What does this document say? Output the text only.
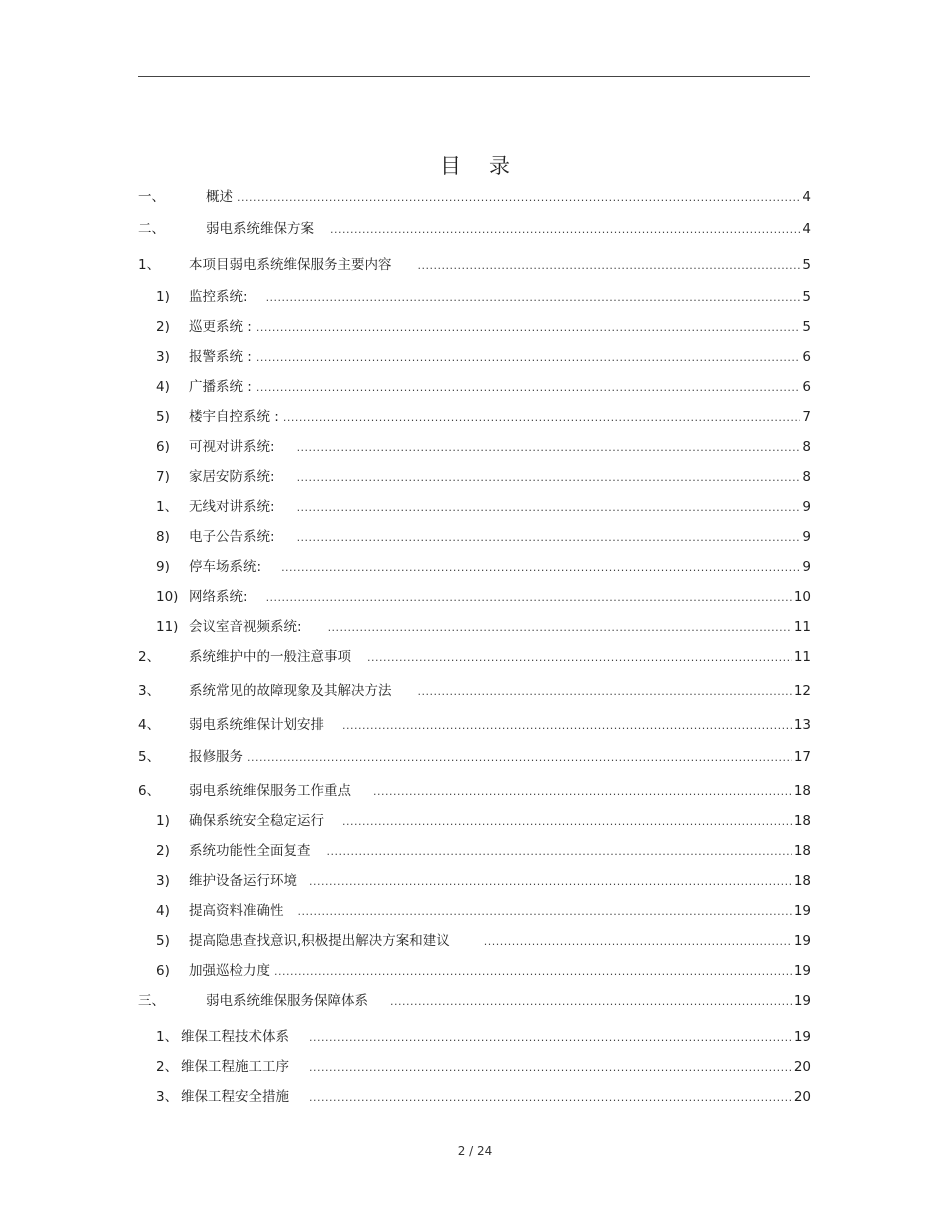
目 录
一、	概述 .....	4
二、	弱电系统维保方案 .....	4
1、	本项目弱电系统维保服务主要内容 .....	5
1)	监控系统: .....	5
2)	巡更系统 : .....	5
3)	报警系统 : .....	6
4)	广播系统 : .....	6
5)	楼宇自控系统 : .....	7
6)	可视对讲系统: .....	8
7)	家居安防系统: .....	8
1、 无线对讲系统: .....	9
8)	电子公告系统: .....	9
9)	停车场系统: .....	9
10) 网络系统: .....	10
11) 会议室音视频系统: .....	11
2、	系统维护中的一般注意事项 .....	11
3、	系统常见的故障现象及其解决方法 .....	12
4、	弱电系统维保计划安排 .....	13
5、	报修服务 .....	17
6、	弱电系统维保服务工作重点 .....	18
1)	确保系统安全稳定运行 .....	18
2)	系统功能性全面复查 .....	18
3)	维护设备运行环境 .....	18
4)	提高资料准确性 .....	19
5)	提高隐患查找意识,积极提出解决方案和建议 .....	19
6)	加强巡检力度 .....	19
三、	弱电系统维保服务保障体系 .....	19
1、 维保工程技术体系 .....	19
2、 维保工程施工工序 .....	20
3、 维保工程安全措施 .....	20
2 / 24
